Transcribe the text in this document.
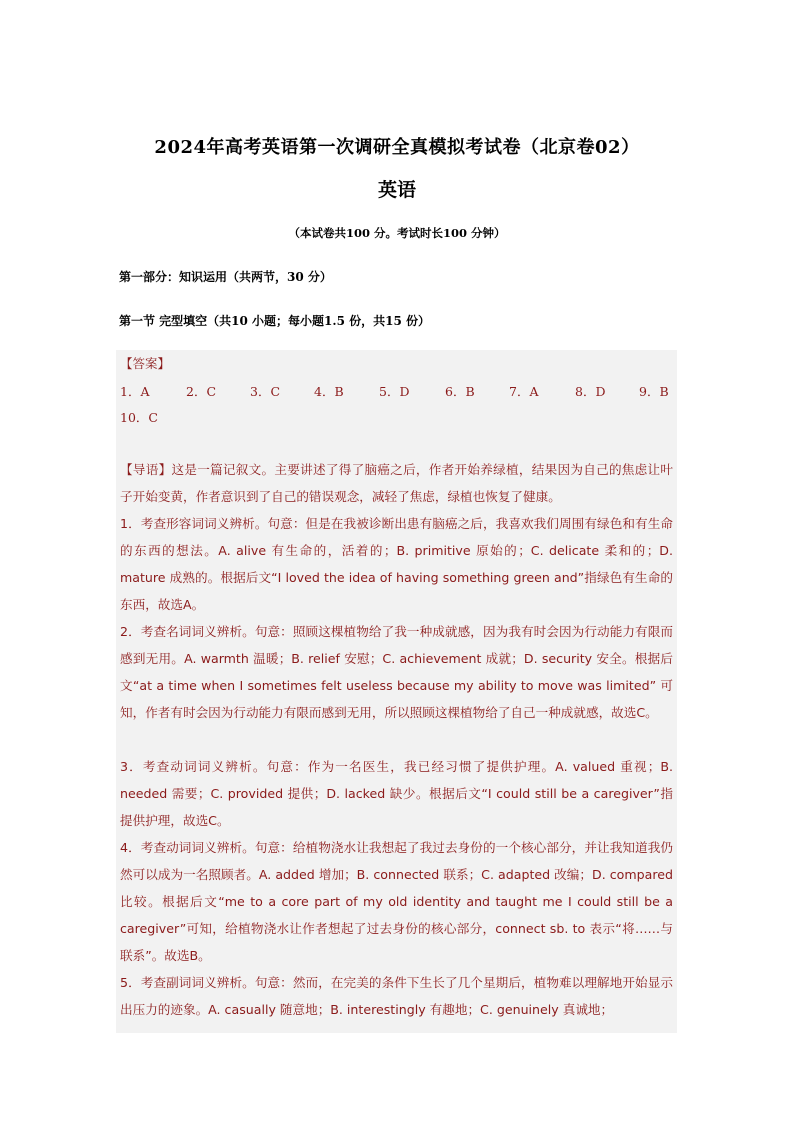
2024年高考英语第一次调研全真模拟考试卷（北京卷02）
英语
（本试卷共100 分。考试时长100 分钟）
第一部分：知识运用（共两节，30 分）
第一节 完型填空（共10 小题；每小题1.5 份，共15 份）
【答案】
1．A	2．C	3．C	4．B	5．D	6．B	7．A	8．D	9．B
10．C
【导语】这是一篇记叙文。主要讲述了得了脑癌之后，作者开始养绿植，结果因为自己的焦虑让叶子开始变黄，作者意识到了自己的错误观念，减轻了焦虑，绿植也恢复了健康。
1．考查形容词词义辨析。句意：但是在我被诊断出患有脑癌之后，我喜欢我们周围有绿色和有生命的东西的想法。A. alive 有生命的，活着的；B. primitive 原始的；C. delicate 柔和的；D. mature 成熟的。根据后文“I loved the idea of having something green and”指绿色有生命的东西，故选A。
2．考查名词词义辨析。句意：照顾这棵植物给了我一种成就感，因为我有时会因为行动能力有限而感到无用。A. warmth 温暖；B. relief 安慰；C. achievement 成就；D. security 安全。根据后文“at a time when I sometimes felt useless because my ability to move was limited” 可知，作者有时会因为行动能力有限而感到无用，所以照顾这棵植物给了自己一种成就感，故选C。
3．考查动词词义辨析。句意：作为一名医生，我已经习惯了提供护理。A. valued 重视；B. needed 需要；C. provided 提供；D. lacked 缺少。根据后文“I could still be a caregiver”指提供护理，故选C。
4．考查动词词义辨析。句意：给植物浇水让我想起了我过去身份的一个核心部分，并让我知道我仍然可以成为一名照顾者。A. added 增加；B. connected 联系；C. adapted 改编；D. compared 比较。根据后文“me to a core part of my old identity and taught me I could still be a caregiver”可知，给植物浇水让作者想起了过去身份的核心部分，connect sb. to 表示“将……与联系”。故选B。
5．考查副词词义辨析。句意：然而，在完美的条件下生长了几个星期后，植物难以理解地开始显示出压力的迹象。A. casually 随意地；B. interestingly 有趣地；C. genuinely 真诚地；
